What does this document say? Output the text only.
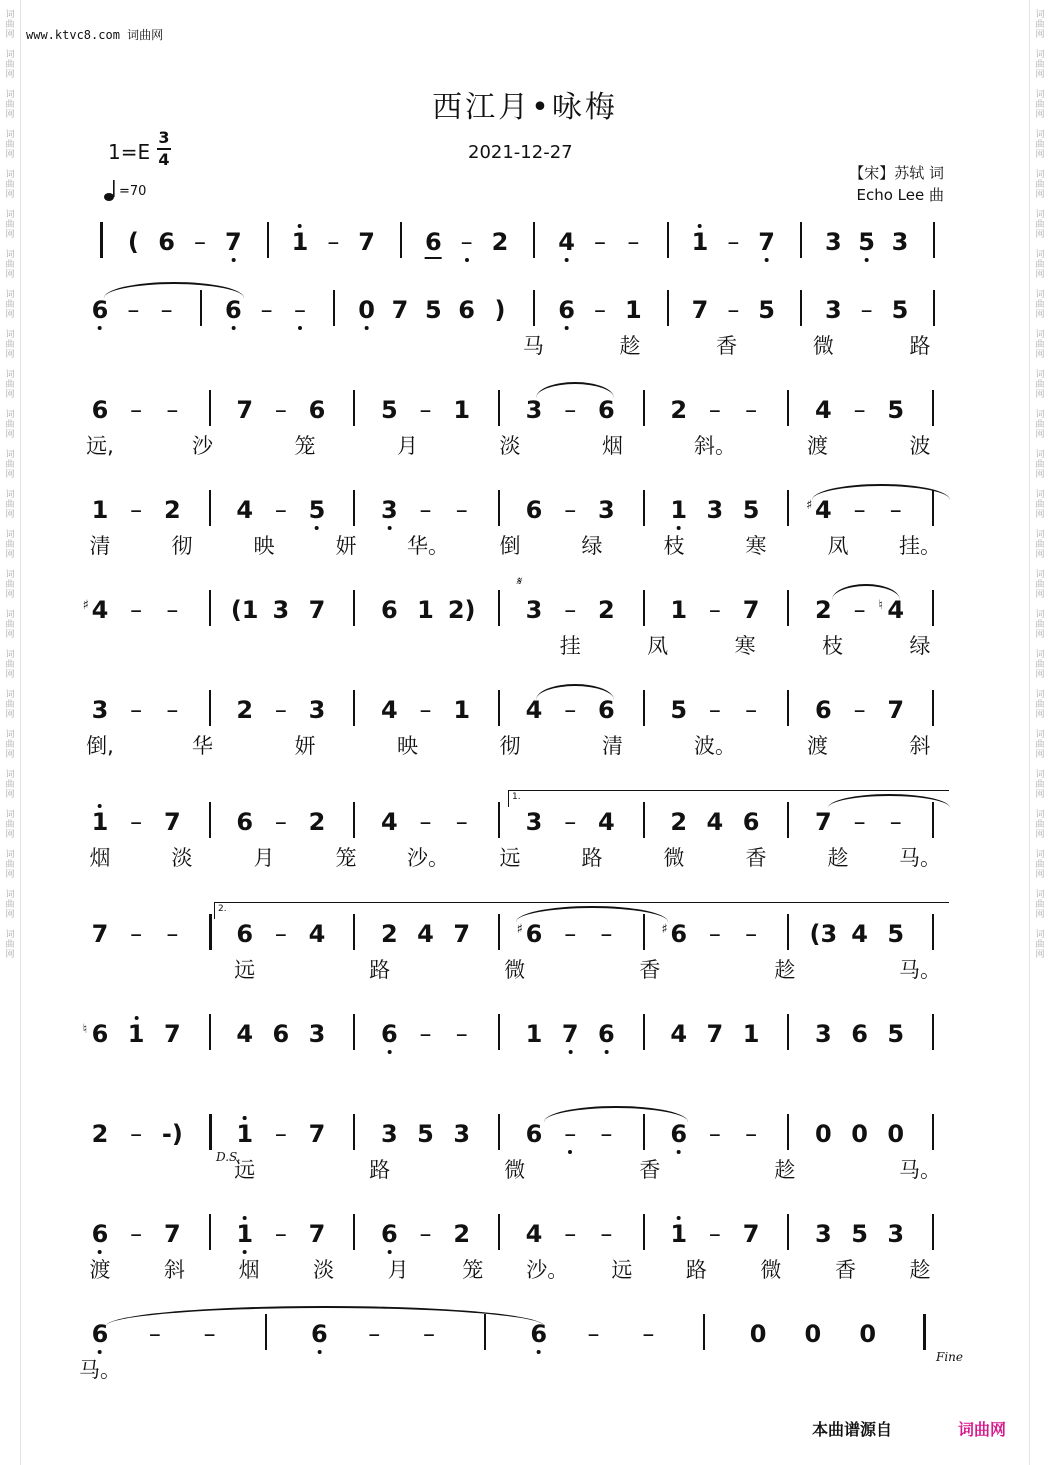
词
曲
网

词
曲
网

词
曲
网

词
曲
网

词
曲
网

词
曲
网

词
曲
网

词
曲
网

词
曲
网

词
曲
网

词
曲
网

词
曲
网

词
曲
网

词
曲
网

词
曲
网

词
曲
网

词
曲
网

词
曲
网

词
曲
网

词
曲
网

词
曲
网

词
曲
网

词
曲
网

词
曲
网

词
曲
网

词
曲
网

词
曲
网

词
曲
网

词
曲
网

词
曲
网

词
曲
网

词
曲
网

词
曲
网

词
曲
网

词
曲
网

词
曲
网

词
曲
网

词
曲
网

词
曲
网

词
曲
网

词
曲
网

词
曲
网

词
曲
网

词
曲
网

词
曲
网

词
曲
网

词
曲
网

词
曲
网

www.ktvc8.com 词曲网
西江月•咏梅
1=E
3
4
=70
2021-12-27
【宋】苏轼 词
Echo Lee 曲
( 6 – 7 1 – 7 6 – 2 4 – – 1 – 7 3 5 3
6 – – 6 – – 0 7 5 6 ) 6 – 1 7 – 5 3 – 5
马	趁	香	微	路
6 – – 7 – 6 5 – 1 3 – 6 2 – – 4 – 5
远,	沙	笼	月	淡	烟	斜。	渡	波
1 – 2 4 – 5 3 – – 6 – 3 1 3 5 4
♯ – –
清	彻	映	妍 华。 倒	绿	枝	寒	凤 挂。
4
♯ – – (1 3 7 6 1 2) 3 – 2 1 – 7 2 – 4
♮
挂	凤	寒	枝	绿
3 – – 2 – 3 4 – 1 4 – 6 5 – – 6 – 7
倒,	华	妍	映	彻	清	波。	渡	斜
1 – 7 6 – 2 4 – – 3 – 4 2 4 6 7 – –
烟	淡	月	笼 沙。 远	路	微	香	趁 马。
7 – – 6 – 4 2 4 7 6
♯ – – 6
♯ – – (3 4 5
远	路	微	香	趁	马。
6
♮ 1 7 4 6 3 6 – – 1 7 6 4 7 1 3 6 5
2 – -) 1 – 7 3 5 3 6 – – 6 – – 0 0 0
远	路	微	香	趁	马。
6 – 7 1 – 7 6 – 2 4 – – 1 – 7 3 5 3
渡	斜	烟	淡	月	笼 沙。 远	路	微	香	趁
6 – –	6 – –	6 – –	0 0 0
马。
本曲谱源自	词曲网
1.
2.
𝄋
D.S.
Fine
